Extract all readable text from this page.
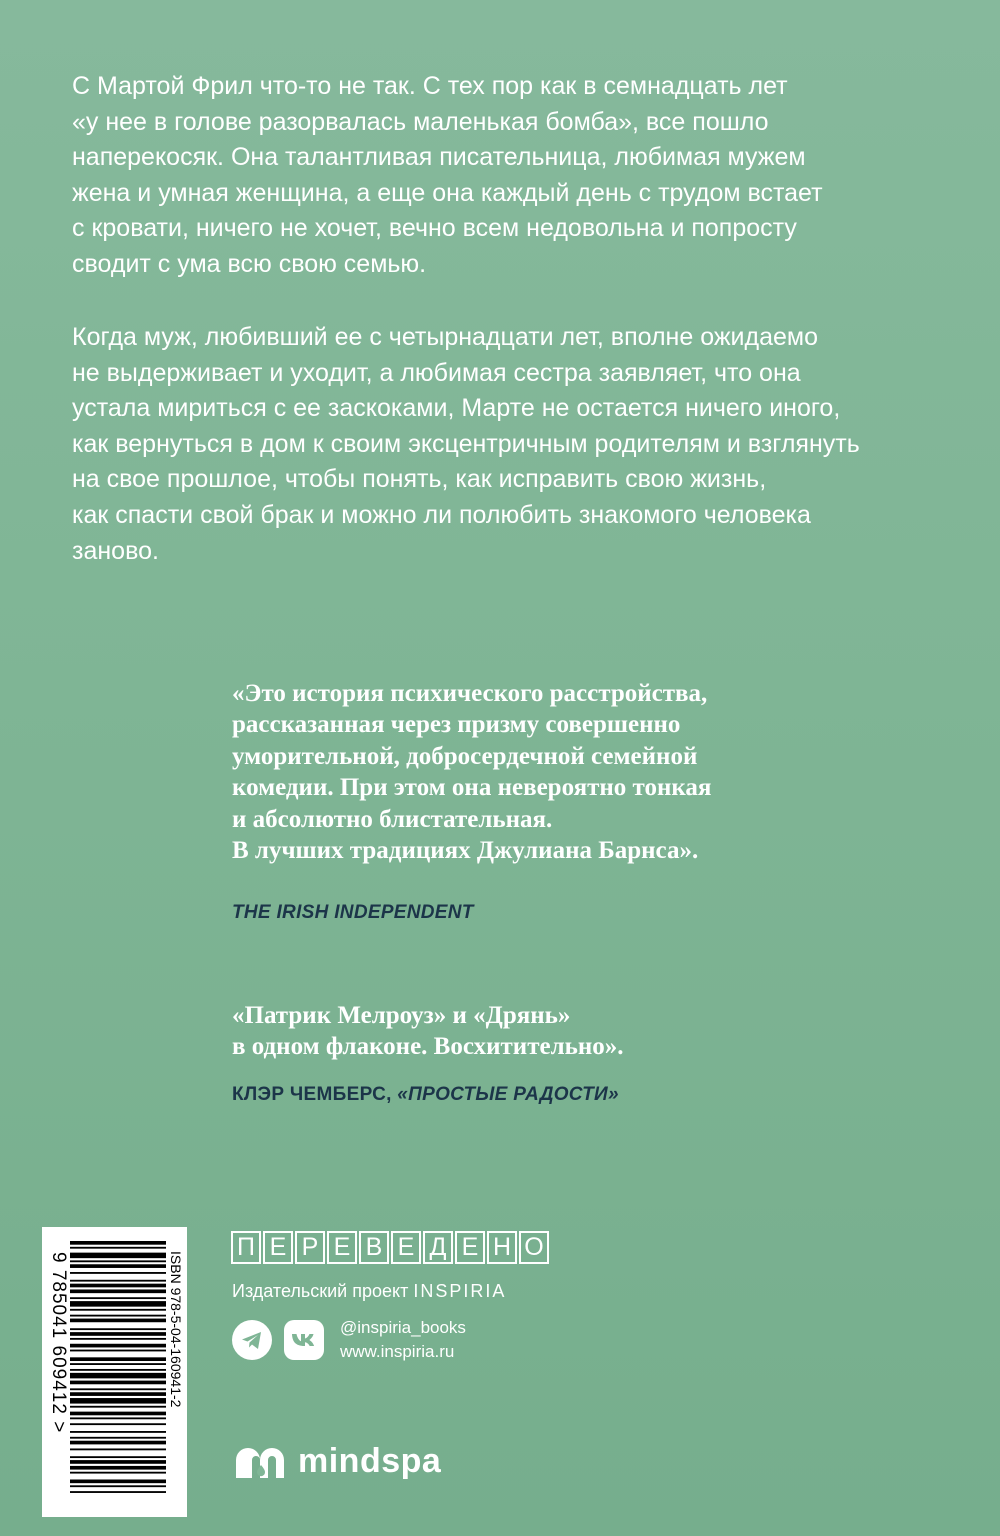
С Мартой Фрил что-то не так. С тех пор как в семнадцать лет
«у нее в голове разорвалась маленькая бомба», все пошло
наперекосяк. Она талантливая писательница, любимая мужем
жена и умная женщина, а еще она каждый день с трудом встает
с кровати, ничего не хочет, вечно всем недовольна и попросту
сводит с ума всю свою семью.
Когда муж, любивший ее с четырнадцати лет, вполне ожидаемо
не выдерживает и уходит, а любимая сестра заявляет, что она
устала мириться с ее заскоками, Марте не остается ничего иного,
как вернуться в дом к своим эксцентричным родителям и взглянуть
на свое прошлое, чтобы понять, как исправить свою жизнь,
как спасти свой брак и можно ли полюбить знакомого человека
заново.
«Это история психического расстройства,
рассказанная через призму совершенно
уморительной, добросердечной семейной
комедии. При этом она невероятно тонкая
и абсолютно блистательная.
В лучших традициях Джулиана Барнса».
THE IRISH INDEPENDENT
«Патрик Мелроуз» и «Дрянь»
в одном флаконе. Восхитительно».
КЛЭР ЧЕМБЕРС, «ПРОСТЫЕ РАДОСТИ»
9 785041 609412 >	ISBN 978-5-04-160941-2
П Е Р Е В Е Д Е Н О
Издательский проект INSPIRIA
@inspiria_books
www.inspiria.ru
mindspa
